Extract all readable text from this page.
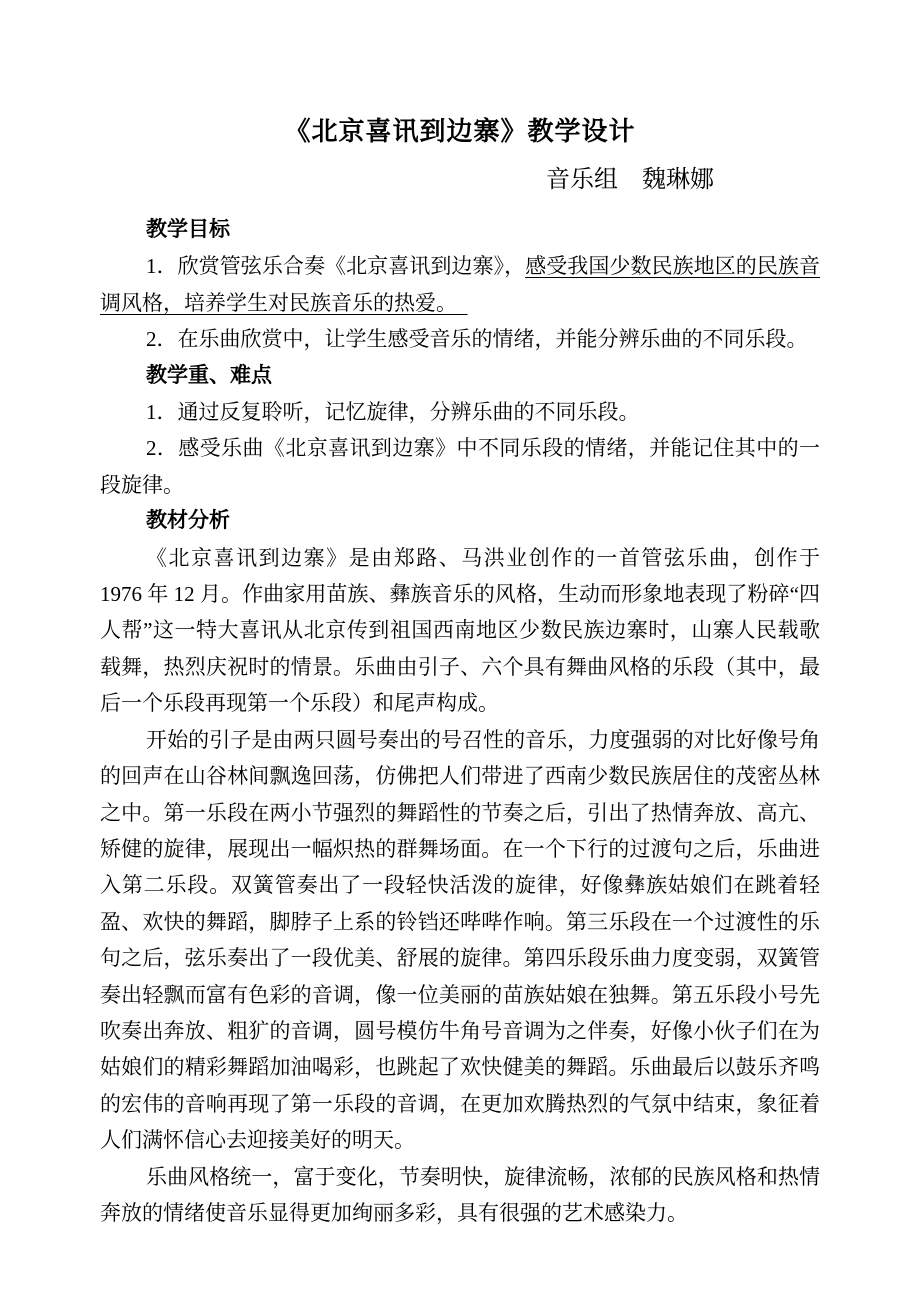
《北京喜讯到边寨》教学设计
音乐组　魏琳娜
教学目标

1．欣赏管弦乐合奏《北京喜讯到边寨》，感受我国少数民族地区的民族音调风格，培养学生对民族音乐的热爱。　

2．在乐曲欣赏中，让学生感受音乐的情绪，并能分辨乐曲的不同乐段。

教学重、难点

1．通过反复聆听，记忆旋律，分辨乐曲的不同乐段。

2．感受乐曲《北京喜讯到边寨》中不同乐段的情绪，并能记住其中的一段旋律。

教材分析

《北京喜讯到边寨》是由郑路、马洪业创作的一首管弦乐曲，创作于 1976 年 12 月。作曲家用苗族、彝族音乐的风格，生动而形象地表现了粉碎“四人帮”这一特大喜讯从北京传到祖国西南地区少数民族边寨时，山寨人民载歌载舞，热烈庆祝时的情景。乐曲由引子、六个具有舞曲风格的乐段（其中，最后一个乐段再现第一个乐段）和尾声构成。

开始的引子是由两只圆号奏出的号召性的音乐，力度强弱的对比好像号角的回声在山谷林间飘逸回荡，仿佛把人们带进了西南少数民族居住的茂密丛林之中。第一乐段在两小节强烈的舞蹈性的节奏之后，引出了热情奔放、高亢、矫健的旋律，展现出一幅炽热的群舞场面。在一个下行的过渡句之后，乐曲进入第二乐段。双簧管奏出了一段轻快活泼的旋律，好像彝族姑娘们在跳着轻盈、欢快的舞蹈，脚脖子上系的铃铛还哔哔作响。第三乐段在一个过渡性的乐句之后，弦乐奏出了一段优美、舒展的旋律。第四乐段乐曲力度变弱，双簧管奏出轻飘而富有色彩的音调，像一位美丽的苗族姑娘在独舞。第五乐段小号先吹奏出奔放、粗犷的音调，圆号模仿牛角号音调为之伴奏，好像小伙子们在为姑娘们的精彩舞蹈加油喝彩，也跳起了欢快健美的舞蹈。乐曲最后以鼓乐齐鸣的宏伟的音响再现了第一乐段的音调，在更加欢腾热烈的气氛中结束，象征着人们满怀信心去迎接美好的明天。

乐曲风格统一，富于变化，节奏明快，旋律流畅，浓郁的民族风格和热情奔放的情绪使音乐显得更加绚丽多彩，具有很强的艺术感染力。
